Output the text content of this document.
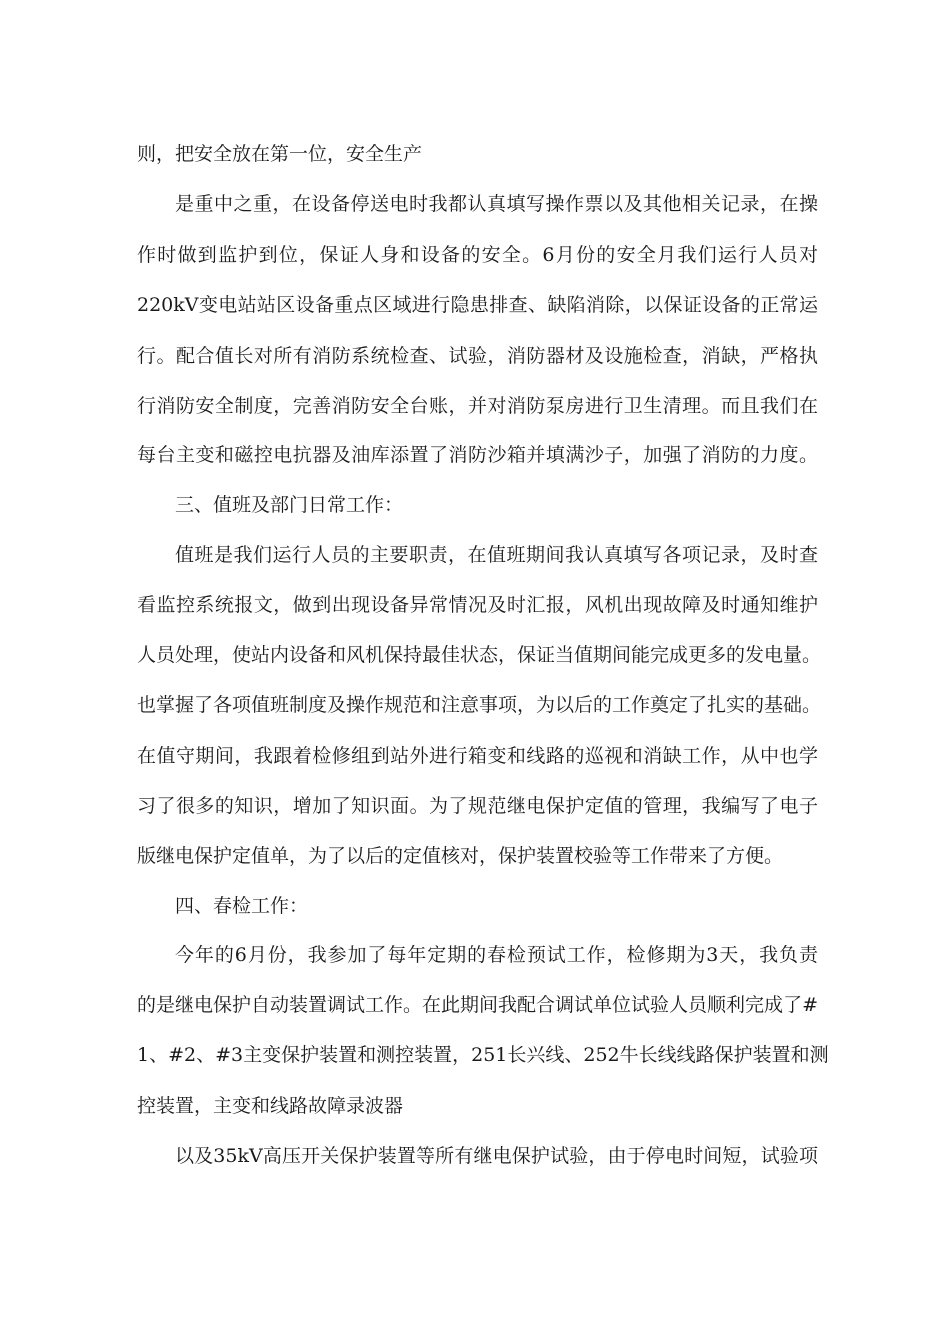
则，把安全放在第一位，安全生产
是重中之重，在设备停送电时我都认真填写操作票以及其他相关记录，在操
作时做到监护到位，保证人身和设备的安全。6月份的安全月我们运行人员对
220kV变电站站区设备重点区域进行隐患排查、缺陷消除，以保证设备的正常运
行。配合值长对所有消防系统检查、试验，消防器材及设施检查，消缺，严格执
行消防安全制度，完善消防安全台账，并对消防泵房进行卫生清理。而且我们在
每台主变和磁控电抗器及油库添置了消防沙箱并填满沙子，加强了消防的力度。
三、值班及部门日常工作：
值班是我们运行人员的主要职责，在值班期间我认真填写各项记录，及时查
看监控系统报文，做到出现设备异常情况及时汇报，风机出现故障及时通知维护
人员处理，使站内设备和风机保持最佳状态，保证当值期间能完成更多的发电量。
也掌握了各项值班制度及操作规范和注意事项，为以后的工作奠定了扎实的基础。
在值守期间，我跟着检修组到站外进行箱变和线路的巡视和消缺工作，从中也学
习了很多的知识，增加了知识面。为了规范继电保护定值的管理，我编写了电子
版继电保护定值单，为了以后的定值核对，保护装置校验等工作带来了方便。
四、春检工作：
今年的6月份，我参加了每年定期的春检预试工作，检修期为3天，我负责
的是继电保护自动装置调试工作。在此期间我配合调试单位试验人员顺利完成了#
1、#2、#3主变保护装置和测控装置，251长兴线、252牛长线线路保护装置和测
控装置，主变和线路故障录波器
以及35kV高压开关保护装置等所有继电保护试验，由于停电时间短，试验项
